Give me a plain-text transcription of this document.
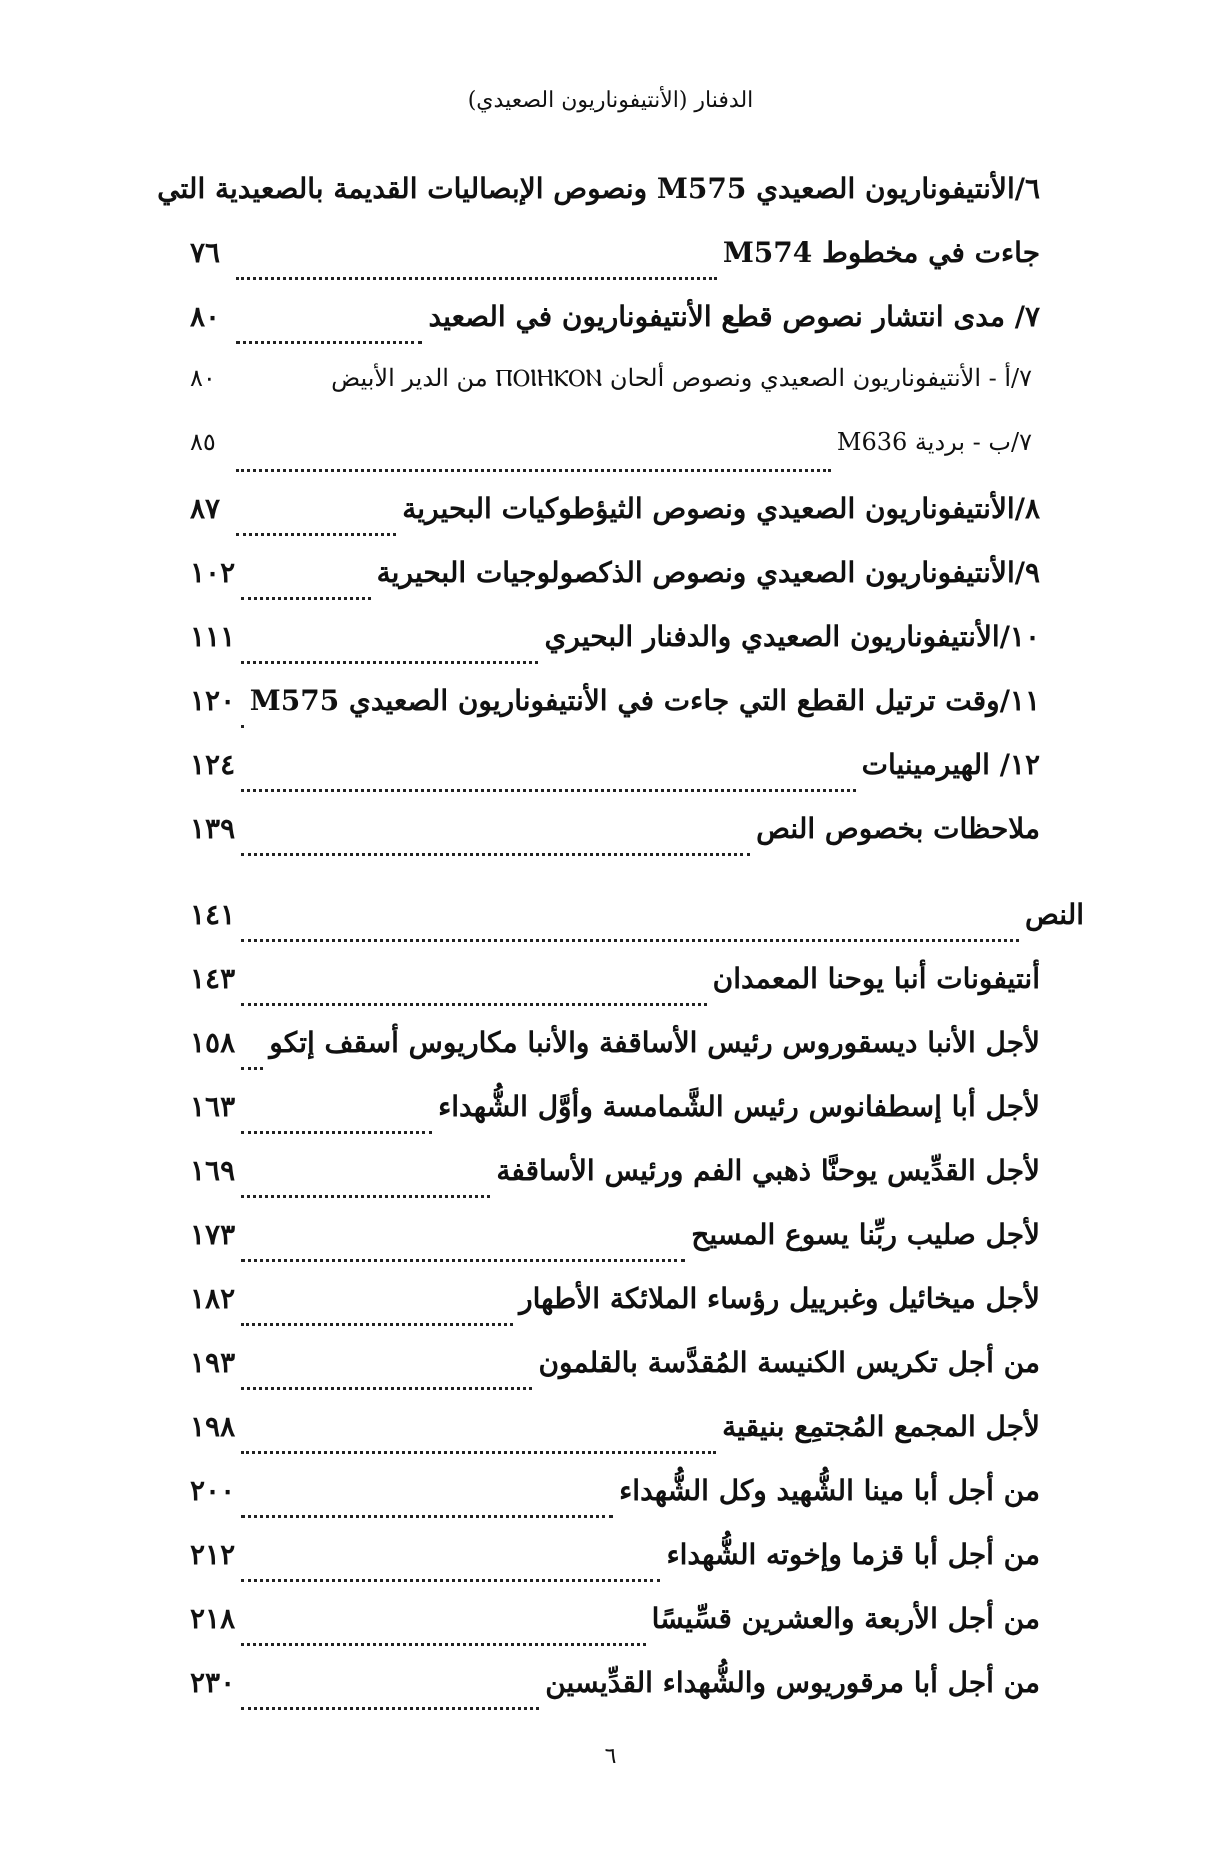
الدفنار (الأنتيفوناريون الصعيدي)
٦/الأنتيفوناريون الصعيدي M575 ونصوص الإبصاليات القديمة بالصعيدية التي
جاءت في مخطوط M574
٧٦
٧/ مدى انتشار نصوص قطع الأنتيفوناريون في الصعيد
٨٠
٧/أ - الأنتيفوناريون الصعيدي ونصوص ألحان ⲠⲞⲒⲎⲔⲞⲚ من الدير الأبيض
٨٠
٧/ب - بردية M636
٨٥
٨/الأنتيفوناريون الصعيدي ونصوص الثيؤطوكيات البحيرية
٨٧
٩/الأنتيفوناريون الصعيدي ونصوص الذكصولوجيات البحيرية
١٠٢
١٠/الأنتيفوناريون الصعيدي والدفنار البحيري
١١١
١١/وقت ترتيل القطع التي جاءت في الأنتيفوناريون الصعيدي M575
١٢٠
١٢/ الهيرمينيات
١٢٤
ملاحظات بخصوص النص
١٣٩
النص
١٤١
أنتيفونات أنبا يوحنا المعمدان
١٤٣
لأجل الأنبا ديسقوروس رئيس الأساقفة والأنبا مكاريوس أسقف إتكو
١٥٨
لأجل أبا إسطفانوس رئيس الشَّمامسة وأوَّل الشُّهداء
١٦٣
لأجل القدِّيس يوحنَّا ذهبي الفم ورئيس الأساقفة
١٦٩
لأجل صليب ربِّنا يسوع المسيح
١٧٣
لأجل ميخائيل وغبرييل رؤساء الملائكة الأطهار
١٨٢
من أجل تكريس الكنيسة المُقدَّسة بالقلمون
١٩٣
لأجل المجمع المُجتمِع بنيقية
١٩٨
من أجل أبا مينا الشُّهيد وكل الشُّهداء
٢٠٠
من أجل أبا قزما وإخوته الشُّهداء
٢١٢
من أجل الأربعة والعشرين قسِّيسًا
٢١٨
من أجل أبا مرقوريوس والشُّهداء القدِّيسين
٢٣٠
٦
